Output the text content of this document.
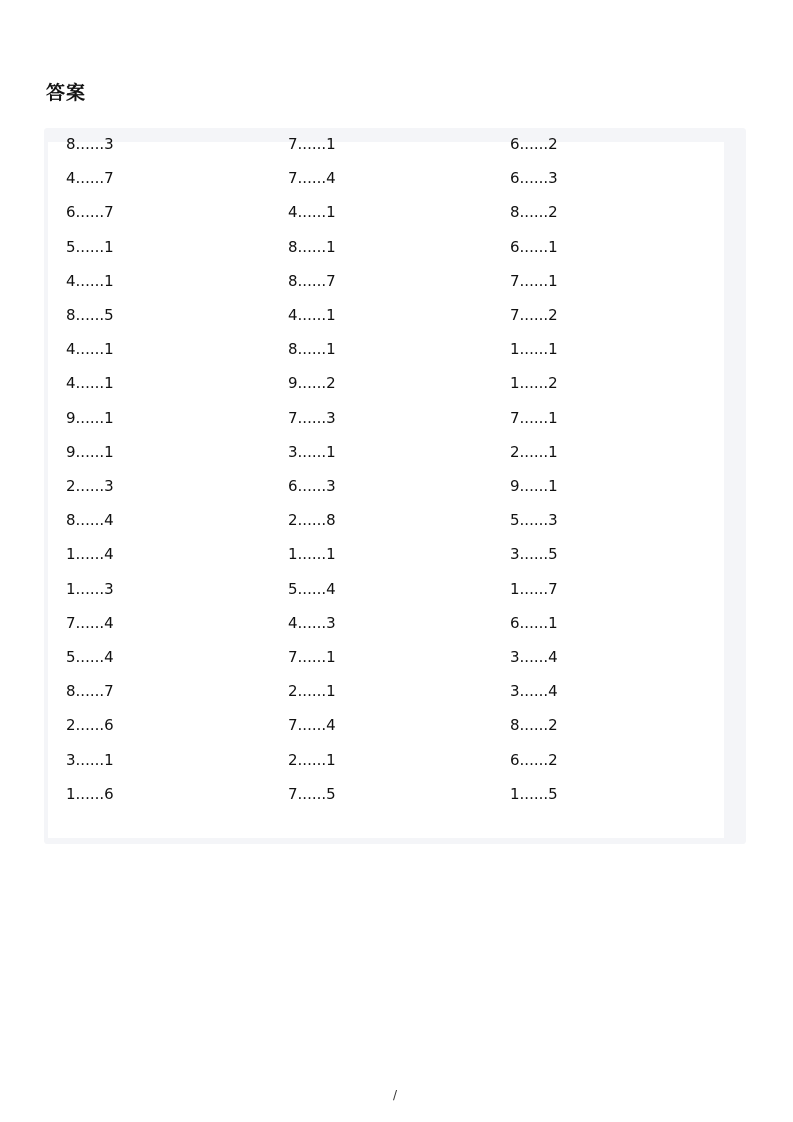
答案
8......3	7......1	6......2
4......7	7......4	6......3
6......7	4......1	8......2
5......1	8......1	6......1
4......1	8......7	7......1
8......5	4......1	7......2
4......1	8......1	1......1
4......1	9......2	1......2
9......1	7......3	7......1
9......1	3......1	2......1
2......3	6......3	9......1
8......4	2......8	5......3
1......4	1......1	3......5
1......3	5......4	1......7
7......4	4......3	6......1
5......4	7......1	3......4
8......7	2......1	3......4
2......6	7......4	8......2
3......1	2......1	6......2
1......6	7......5	1......5
/
